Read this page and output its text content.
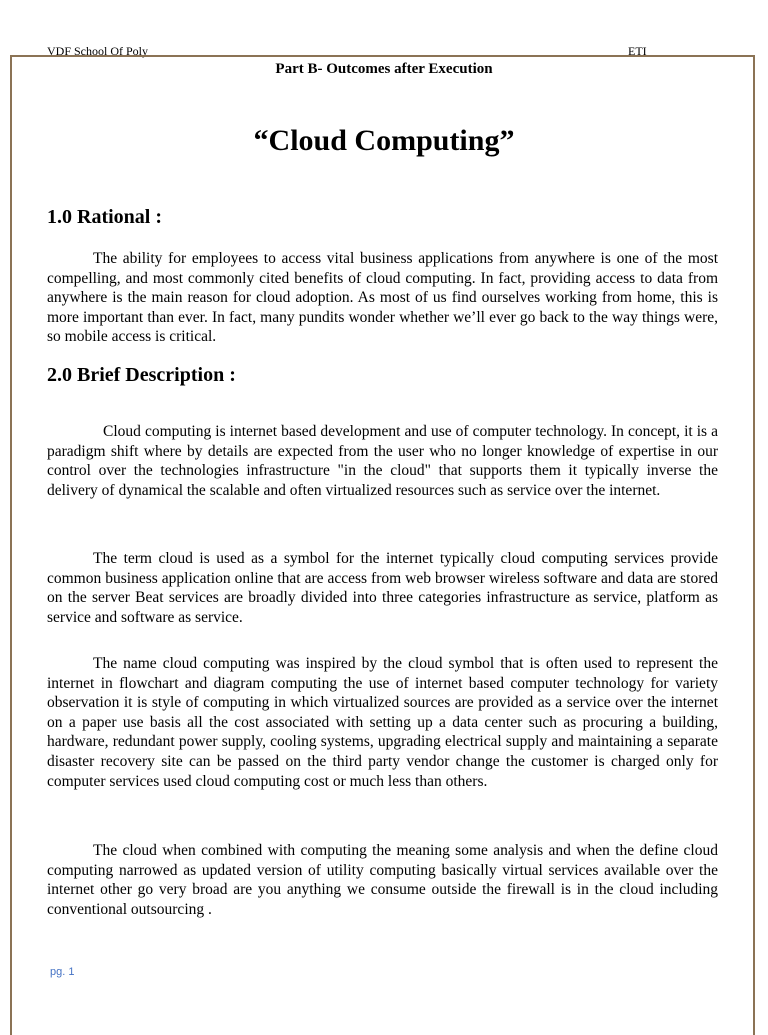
VDF School Of Poly	ETI
Part B- Outcomes after Execution
“Cloud Computing”
1.0 Rational :

The ability for employees to access vital business applications from anywhere is one of the most compelling, and most commonly cited benefits of cloud computing. In fact, providing access to data from anywhere is the main reason for cloud adoption. As most of us find ourselves working from home, this is more important than ever. In fact, many pundits wonder whether we’ll ever go back to the way things were, so mobile access is critical.

2.0 Brief Description :

Cloud computing is internet based development and use of computer technology. In concept, it is a paradigm shift where by details are expected from the user who no longer knowledge of expertise in our control over the technologies infrastructure "in the cloud" that supports them it typically inverse the delivery of dynamical the scalable and often virtualized resources such as service over the internet.

The term cloud is used as a symbol for the internet typically cloud computing services provide common business application online that are access from web browser wireless software and data are stored on the server Beat services are broadly divided into three categories infrastructure as service, platform as service and software as service.

The name cloud computing was inspired by the cloud symbol that is often used to represent the internet in flowchart and diagram computing the use of internet based computer technology for variety observation it is style of computing in which virtualized sources are provided as a service over the internet on a paper use basis all the cost associated with setting up a data center such as procuring a building, hardware, redundant power supply, cooling systems, upgrading electrical supply and maintaining a separate disaster recovery site can be passed on the third party vendor change the customer is charged only for computer services used cloud computing cost or much less than others.

The cloud when combined with computing the meaning some analysis and when the define cloud computing narrowed as updated version of utility computing basically virtual services available over the internet other go very broad are you anything we consume outside the firewall is in the cloud including conventional outsourcing .

pg. 1
